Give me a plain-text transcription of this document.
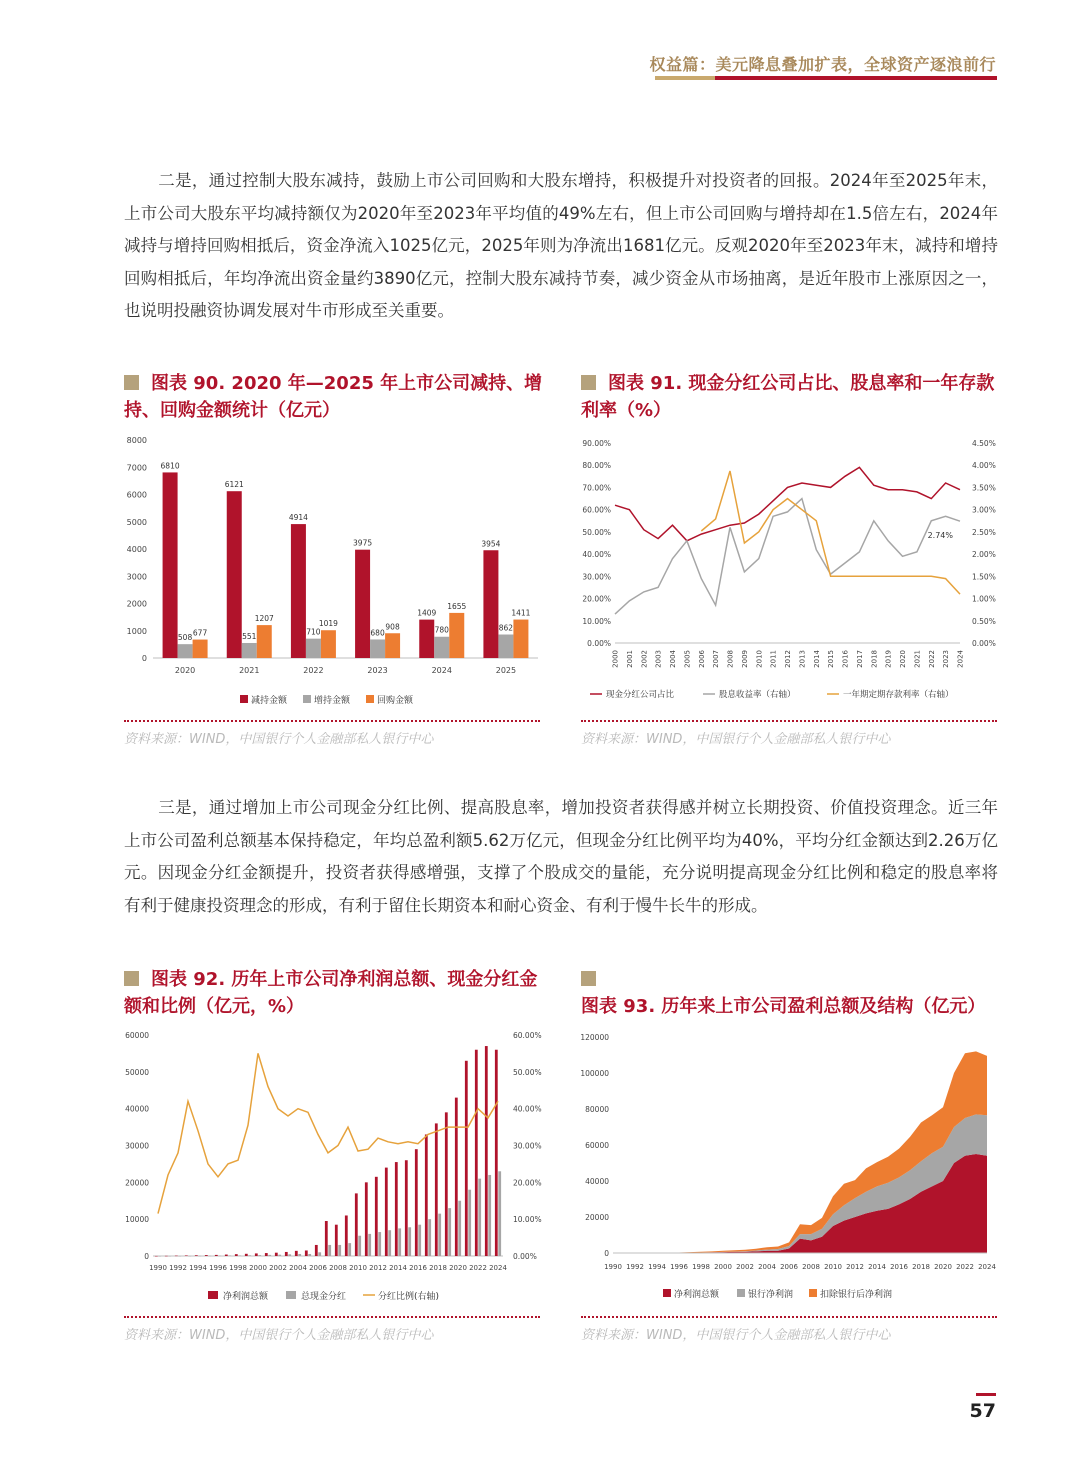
权益篇：美元降息叠加扩表，全球资产逐浪前行
二是，通过控制大股东减持，鼓励上市公司回购和大股东增持，积极提升对投资者的回报。2024年至2025年末，上市公司大股东平均减持额仅为2020年至2023年平均值的49%左右，但上市公司回购与增持却在1.5倍左右，2024年减持与增持回购相抵后，资金净流入1025亿元，2025年则为净流出1681亿元。反观2020年至2023年末，减持和增持回购相抵后，年均净流出资金量约3890亿元，控制大股东减持节奏，减少资金从市场抽离，是近年股市上涨原因之一，也说明投融资协调发展对牛市形成至关重要。
图表 90. 2020 年—2025 年上市公司减持、增持、回购金额统计（亿元）
0
1000
2000
3000
4000
5000
6000
7000
8000
2020
6810
508
677
2021
6121
551
1207
2022
4914
710
1019
2023
3975
680
908
2024
1409
780
1655
2025
3954
862
1411
减持金额	增持金额	回购金额
资料来源：WIND，中国银行个人金融部私人银行中心
图表 91. 现金分红公司占比、股息率和一年存款利率（%）
0.00%
10.00%
20.00%
30.00%
40.00%
50.00%
60.00%
70.00%
80.00%
90.00%
0.00%
0.50%
1.00%
1.50%
2.00%
2.50%
3.00%
3.50%
4.00%
4.50%
2000 2001 2002 2003 2004 2005 2006 2007 2008 2009 2010 2011 2012 2013 2014 2015 2016 2017 2018 2019 2020 2021 2022 2023 2024
2.74%
现金分红公司占比	股息收益率（右轴）	一年期定期存款利率（右轴）
资料来源：WIND，中国银行个人金融部私人银行中心
三是，通过增加上市公司现金分红比例、提高股息率，增加投资者获得感并树立长期投资、价值投资理念。近三年上市公司盈利总额基本保持稳定，年均总盈利额5.62万亿元，但现金分红比例平均为40%，平均分红金额达到2.26万亿元。因现金分红金额提升，投资者获得感增强，支撑了个股成交的量能，充分说明提高现金分红比例和稳定的股息率将有利于健康投资理念的形成，有利于留住长期资本和耐心资金、有利于慢牛长牛的形成。
图表 92. 历年上市公司净利润总额、现金分红金额和比例（亿元，%）
0
10000
20000
30000
40000
50000
60000
0.00%
10.00%
20.00%
30.00%
40.00%
50.00%
60.00%
1990 1992 1994 1996 1998 2000 2002 2004 2006 2008 2010 2012 2014 2016 2018 2020 2022 2024
净利润总额	总现金分红	分红比例(右轴)
资料来源：WIND，中国银行个人金融部私人银行中心
图表 93. 历年来上市公司盈利总额及结构（亿元）
0
20000
40000
60000
80000
100000
120000
1990 1992 1994 1996 1998 2000 2002 2004 2006 2008 2010 2012 2014 2016 2018 2020 2022 2024
净利润总额	银行净利润	扣除银行后净利润
资料来源：WIND，中国银行个人金融部私人银行中心
57
